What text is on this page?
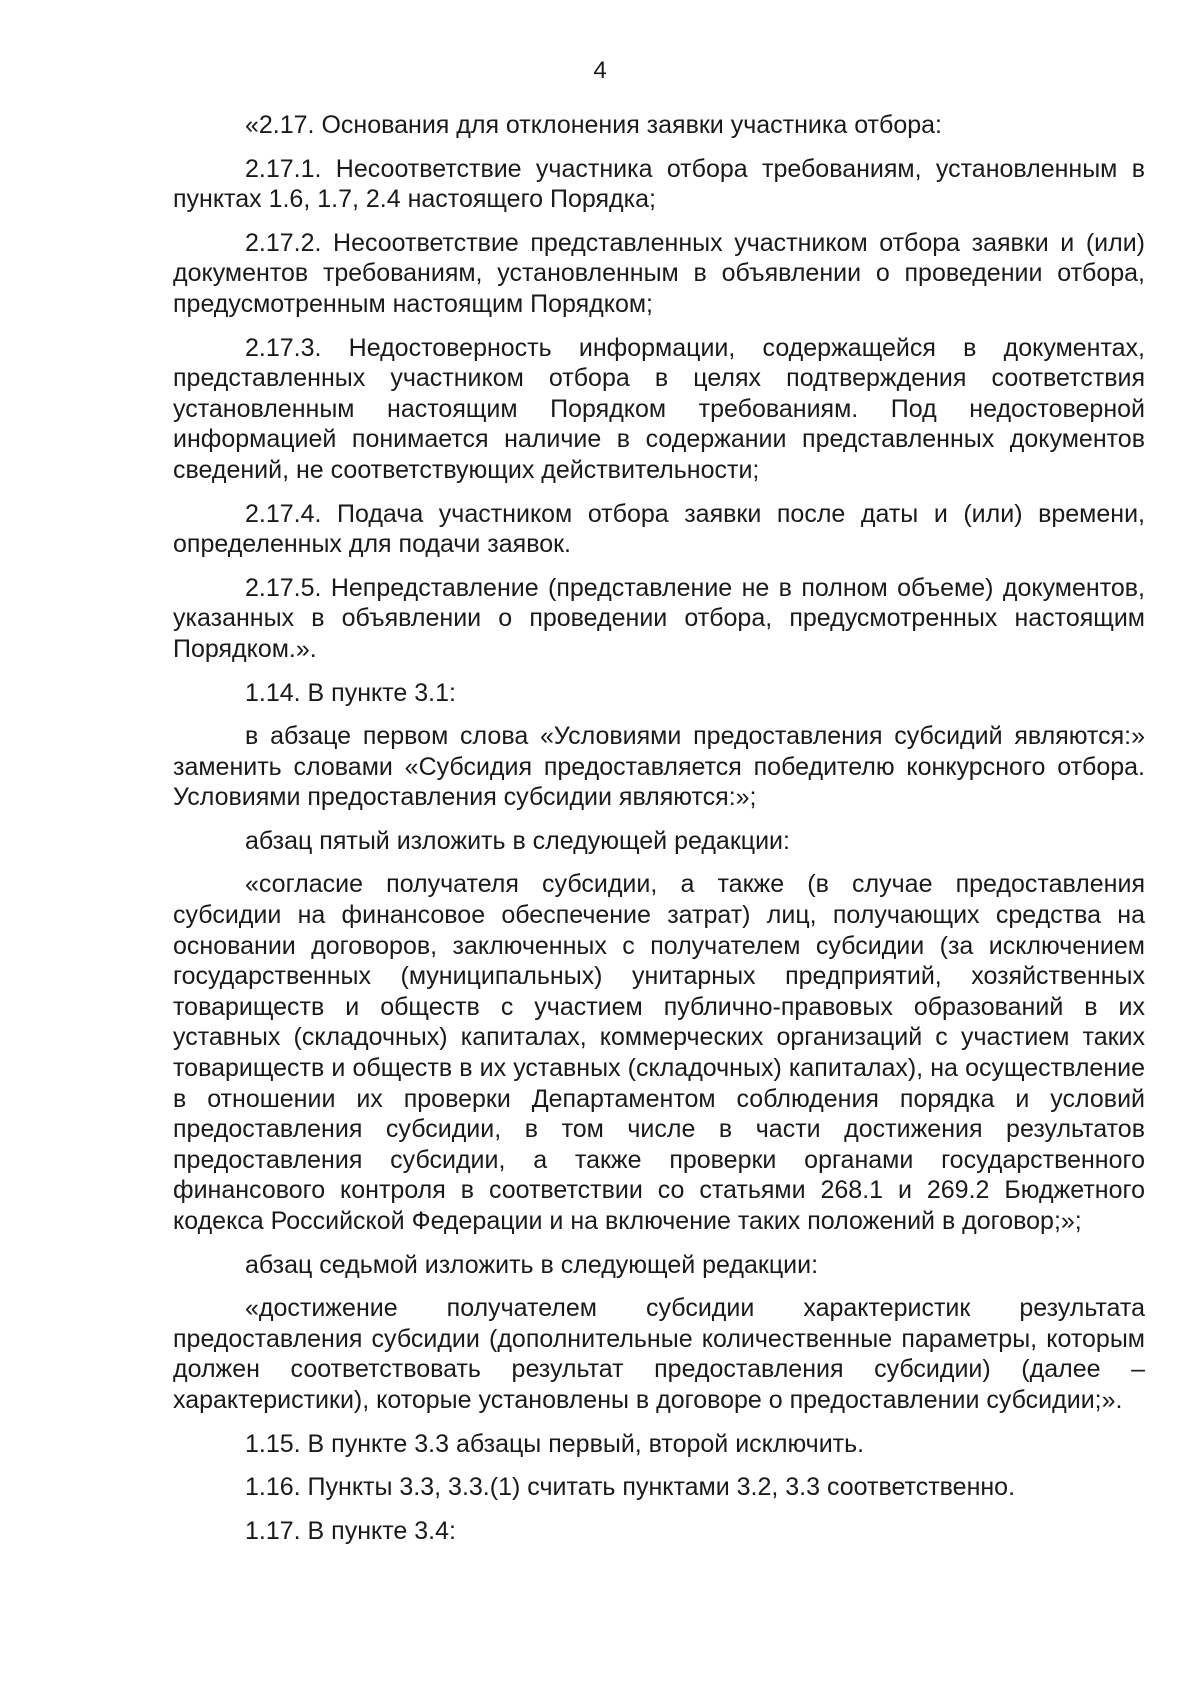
4

«2.17. Основания для отклонения заявки участника отбора:

2.17.1. Несоответствие участника отбора требованиям, установленным в пунктах 1.6, 1.7, 2.4 настоящего Порядка;

2.17.2. Несоответствие представленных участником отбора заявки и (или) документов требованиям, установленным в объявлении о проведении отбора, предусмотренным настоящим Порядком;

2.17.3. Недостоверность информации, содержащейся в документах, представленных участником отбора в целях подтверждения соответствия установленным настоящим Порядком требованиям. Под недостоверной информацией понимается наличие в содержании представленных документов сведений, не соответствующих действительности;

2.17.4. Подача участником отбора заявки после даты и (или) времени, определенных для подачи заявок.

2.17.5. Непредставление (представление не в полном объеме) документов, указанных в объявлении о проведении отбора, предусмотренных настоящим Порядком.».

1.14. В пункте 3.1:

в абзаце первом слова «Условиями предоставления субсидий являются:» заменить словами «Субсидия предоставляется победителю конкурсного отбора. Условиями предоставления субсидии являются:»;

абзац пятый изложить в следующей редакции:

«согласие получателя субсидии, а также (в случае предоставления субсидии на финансовое обеспечение затрат) лиц, получающих средства на основании договоров, заключенных с получателем субсидии (за исключением государственных (муниципальных) унитарных предприятий, хозяйственных товариществ и обществ с участием публично-правовых образований в их уставных (складочных) капиталах, коммерческих организаций с участием таких товариществ и обществ в их уставных (складочных) капиталах), на осуществление в отношении их проверки Департаментом соблюдения порядка и условий предоставления субсидии, в том числе в части достижения результатов предоставления субсидии, а также проверки органами государственного финансового контроля в соответствии со статьями 268.1 и 269.2 Бюджетного кодекса Российской Федерации и на включение таких положений в договор;»;

абзац седьмой изложить в следующей редакции:

«достижение получателем субсидии характеристик результата предоставления субсидии (дополнительные количественные параметры, которым должен соответствовать результат предоставления субсидии) (далее – характеристики), которые установлены в договоре о предоставлении субсидии;».

1.15. В пункте 3.3 абзацы первый, второй исключить.

1.16. Пункты 3.3, 3.3.(1) считать пунктами 3.2, 3.3 соответственно.

1.17. В пункте 3.4:
